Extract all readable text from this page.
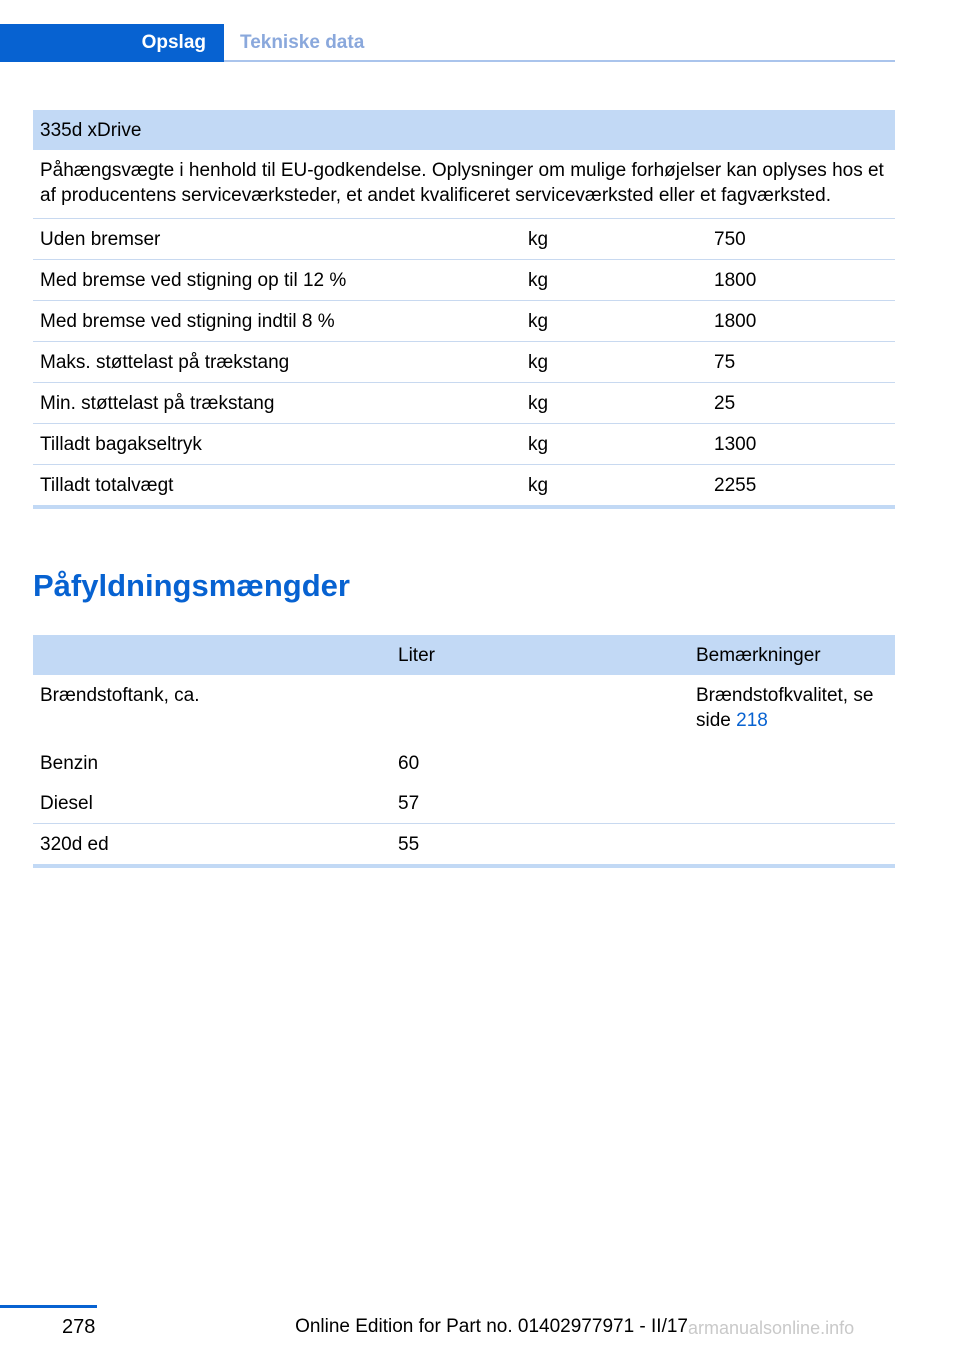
Opslag	Tekniske data
335d xDrive		
Påhængsvægte i henhold til EU-godkendelse. Oplysninger om mulige forhøjelser kan oplyses hos et af producentens serviceværksteder, et andet kvalificeret serviceværksted eller et fagværksted.		
Uden bremser	kg	750
Med bremse ved stigning op til 12 %	kg	1800
Med bremse ved stigning indtil 8 %	kg	1800
Maks. støttelast på trækstang	kg	75
Min. støttelast på trækstang	kg	25
Tilladt bagakseltryk	kg	1300
Tilladt totalvægt	kg	2255
Påfyldningsmængder
	Liter	Bemærkninger
Brændstoftank, ca.		Brændstofkvalitet, se side 218
Benzin	60	
Diesel	57	
320d ed	55	
278	Online Edition for Part no. 01402977971 - II/17 armanualsonline.info
